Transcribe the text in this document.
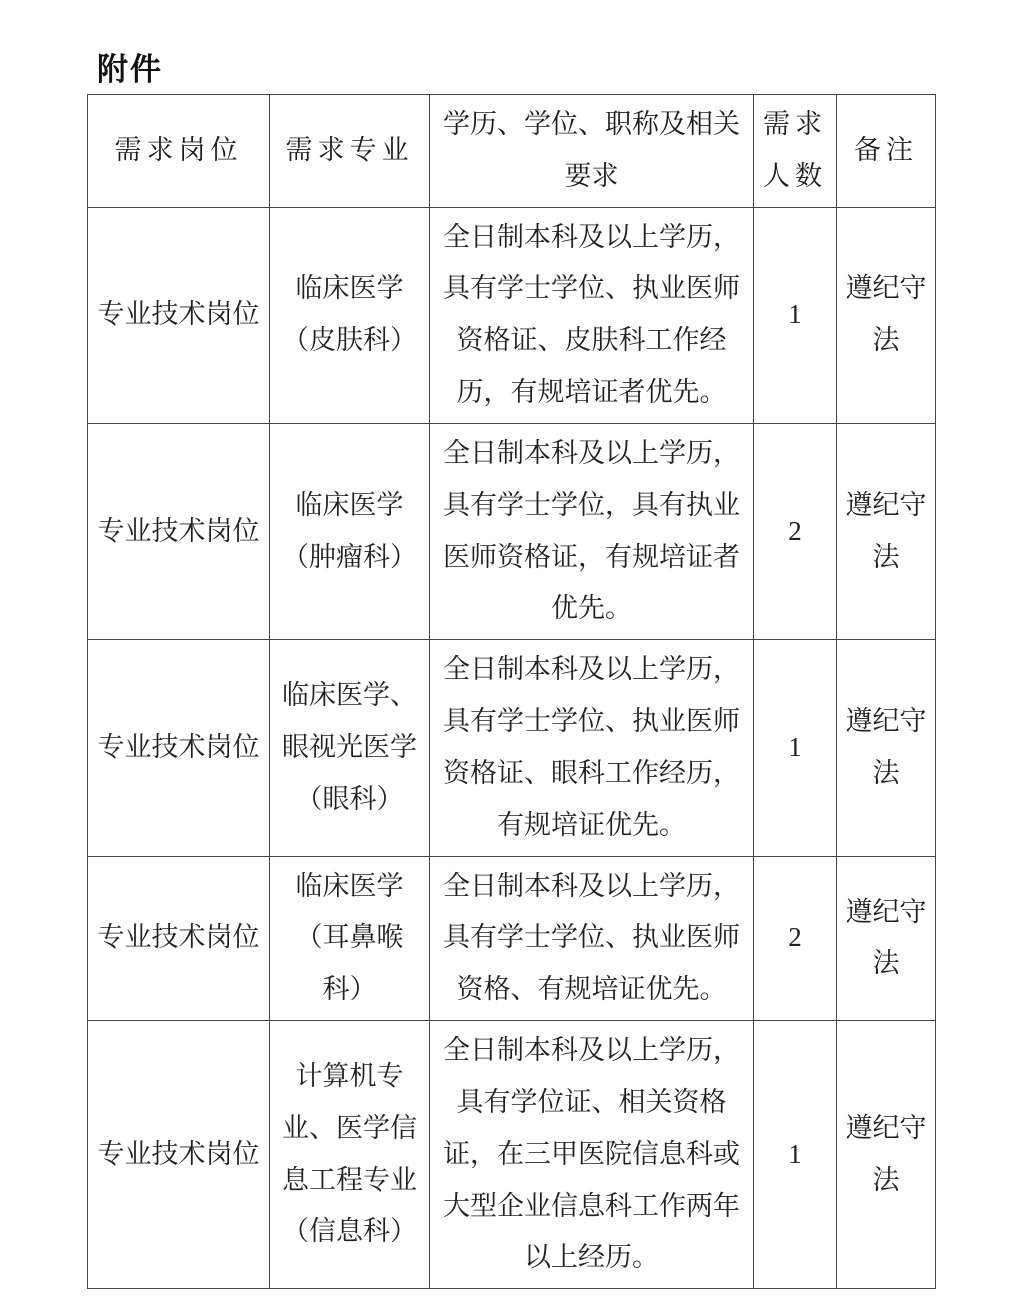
附件
需求岗位	需求专业	学历、学位、职称及相关要求	需求人数	备注
专业技术岗位	临床医学（皮肤科）	全日制本科及以上学历，具有学士学位、执业医师资格证、皮肤科工作经历，有规培证者优先。	1	遵纪守法
专业技术岗位	临床医学（肿瘤科）	全日制本科及以上学历，具有学士学位，具有执业医师资格证，有规培证者优先。	2	遵纪守法
专业技术岗位	临床医学、眼视光医学（眼科）	全日制本科及以上学历，具有学士学位、执业医师资格证、眼科工作经历，有规培证优先。	1	遵纪守法
专业技术岗位	临床医学（耳鼻喉科）	全日制本科及以上学历，具有学士学位、执业医师资格、有规培证优先。	2	遵纪守法
专业技术岗位	计算机专业、医学信息工程专业（信息科）	全日制本科及以上学历，具有学位证、相关资格证，在三甲医院信息科或大型企业信息科工作两年以上经历。	1	遵纪守法
